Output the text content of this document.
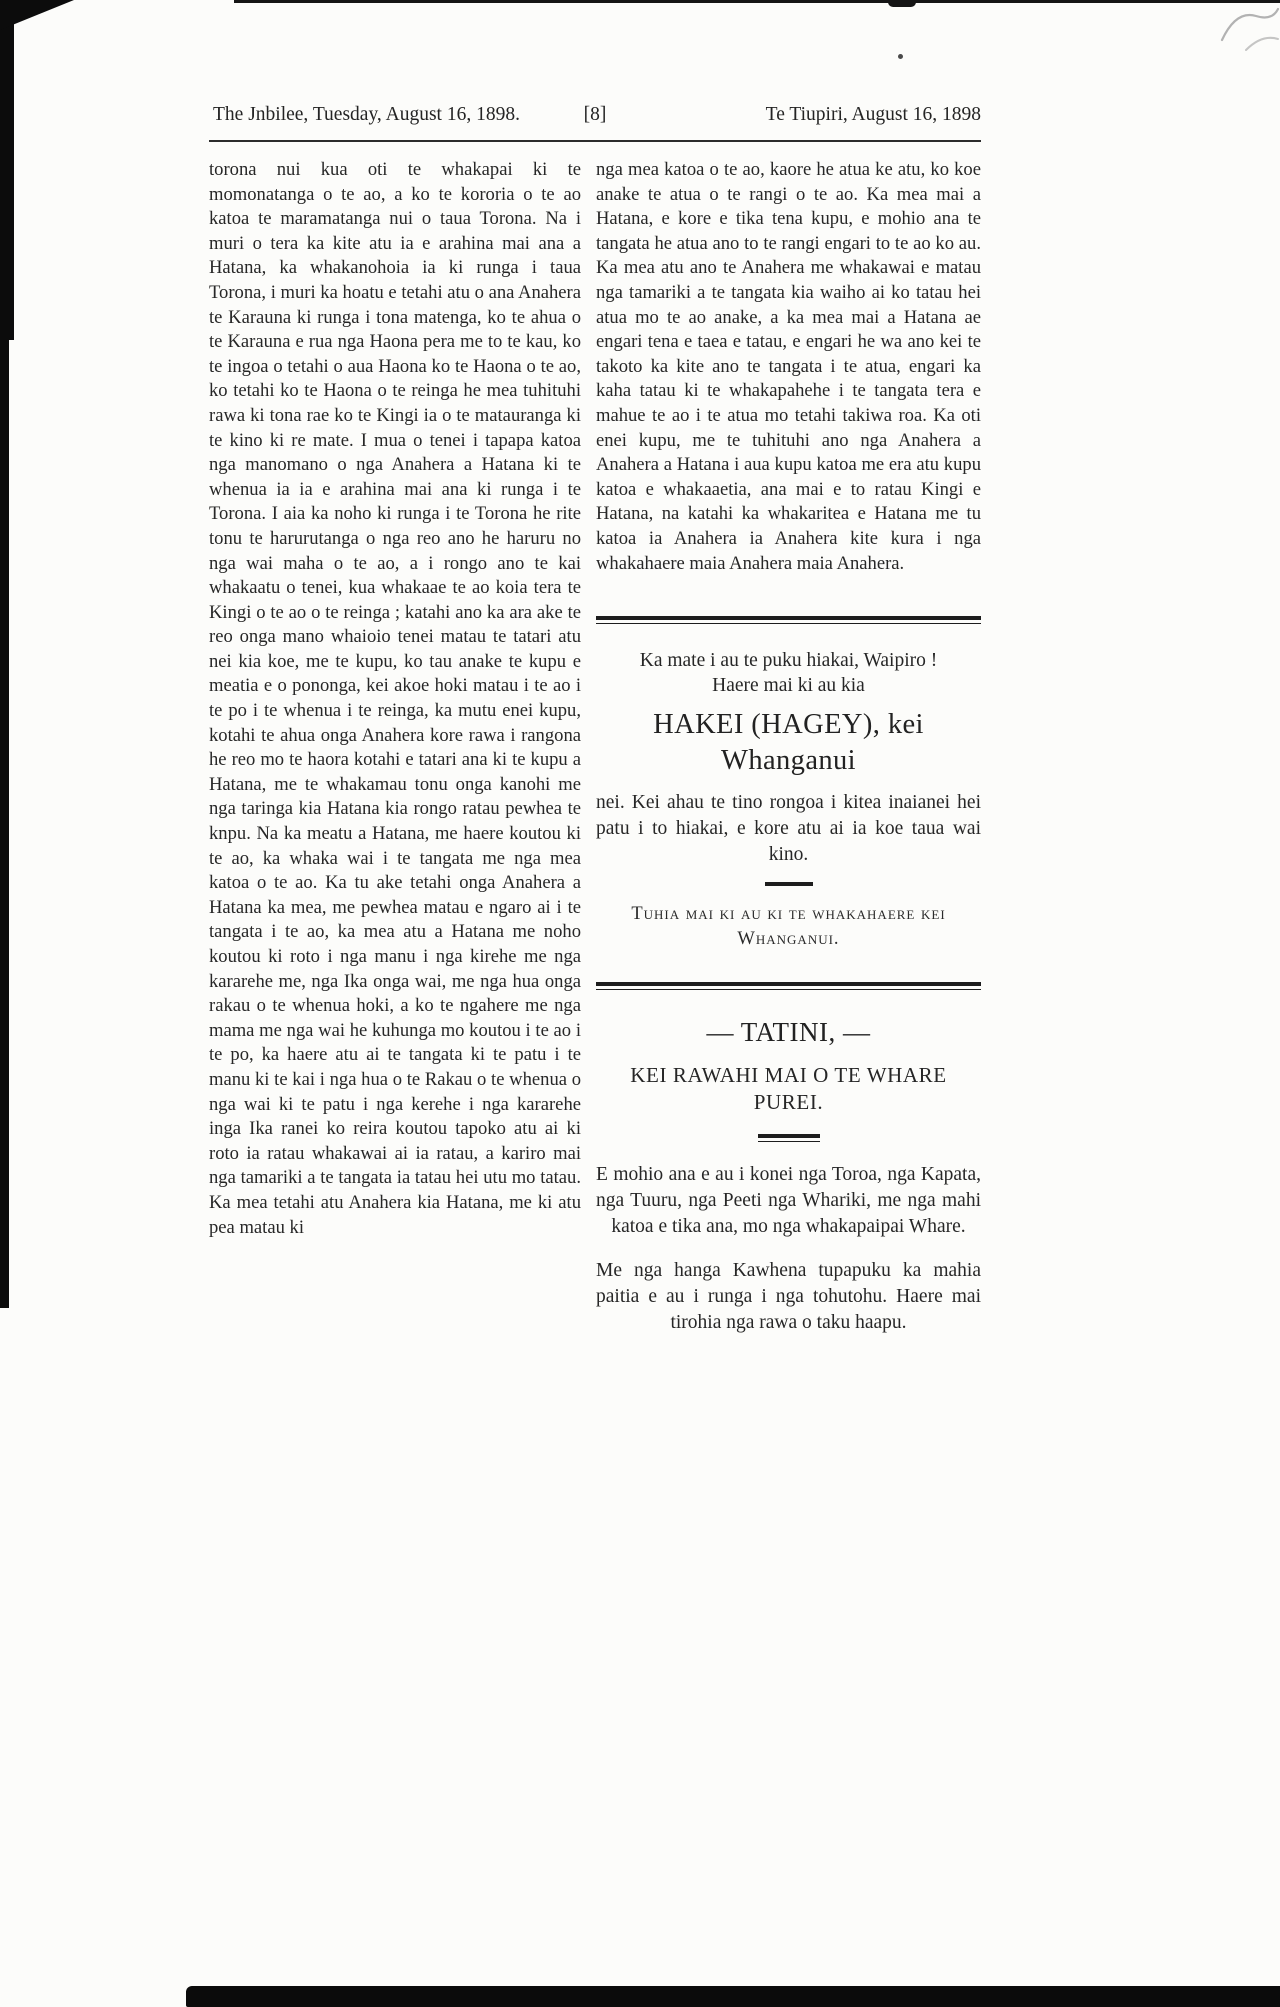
The Jnbilee, Tuesday, August 16, 1898.	[8]	Te Tiupiri, August 16, 1898

torona nui kua oti te whakapai ki te momonatanga o te ao, a ko te kororia o te ao katoa te maramatanga nui o taua Torona. Na i muri o tera ka kite atu ia e arahina mai ana a Hatana, ka whakanohoia ia ki runga i taua Torona, i muri ka hoatu e tetahi atu o ana Anahera te Karauna ki runga i tona matenga, ko te ahua o te Karauna e rua nga Haona pera me to te kau, ko te ingoa o tetahi o aua Haona ko te Haona o te ao, ko tetahi ko te Haona o te reinga he mea tuhituhi rawa ki tona rae ko te Kingi ia o te matauranga ki te kino ki re mate. I mua o tenei i tapapa katoa nga manomano o nga Anahera a Hatana ki te whenua ia ia e arahina mai ana ki runga i te Torona. I aia ka noho ki runga i te Torona he rite tonu te harurutanga o nga reo ano he haruru no nga wai maha o te ao, a i rongo ano te kai whakaatu o tenei, kua whakaae te ao koia tera te Kingi o te ao o te reinga ; katahi ano ka ara ake te reo onga mano whaioio tenei matau te tatari atu nei kia koe, me te kupu, ko tau anake te kupu e meatia e o pononga, kei akoe hoki matau i te ao i te po i te whenua i te reinga, ka mutu enei kupu, kotahi te ahua onga Anahera kore rawa i rangona he reo mo te haora kotahi e tatari ana ki te kupu a Hatana, me te whakamau tonu onga kanohi me nga taringa kia Hatana kia rongo ratau pewhea te knpu. Na ka meatu a Hatana, me haere koutou ki te ao, ka whaka wai i te tangata me nga mea katoa o te ao. Ka tu ake tetahi onga Anahera a Hatana ka mea, me pewhea matau e ngaro ai i te tangata i te ao, ka mea atu a Hatana me noho koutou ki roto i nga manu i nga kirehe me nga kararehe me, nga Ika onga wai, me nga hua onga rakau o te whenua hoki, a ko te ngahere me nga mama me nga wai he kuhunga mo koutou i te ao i te po, ka haere atu ai te tangata ki te patu i te manu ki te kai i nga hua o te Rakau o te whenua o nga wai ki te patu i nga kerehe i nga kararehe inga Ika ranei ko reira koutou tapoko atu ai ki roto ia ratau whakawai ai ia ratau, a kariro mai nga tamariki a te tangata ia tatau hei utu mo tatau. Ka mea tetahi atu Anahera kia Hatana, me ki atu pea matau ki

nga mea katoa o te ao, kaore he atua ke atu, ko koe anake te atua o te rangi o te ao. Ka mea mai a Hatana, e kore e tika tena kupu, e mohio ana te tangata he atua ano to te rangi engari to te ao ko au. Ka mea atu ano te Anahera me whakawai e matau nga tamariki a te tangata kia waiho ai ko tatau hei atua mo te ao anake, a ka mea mai a Hatana ae engari tena e taea e tatau, e engari he wa ano kei te takoto ka kite ano te tangata i te atua, engari ka kaha tatau ki te whakapahehe i te tangata tera e mahue te ao i te atua mo tetahi takiwa roa. Ka oti enei kupu, me te tuhituhi ano nga Anahera a Anahera a Hatana i aua kupu katoa me era atu kupu katoa e whakaaetia, ana mai e to ratau Kingi e Hatana, na katahi ka whakaritea e Hatana me tu katoa ia Anahera ia Anahera kite kura i nga whakahaere maia Anahera maia Anahera.

Ka mate i au te puku hiakai, Waipiro !

Haere mai ki au kia

HAKEI (HAGEY), kei Whanganui

nei. Kei ahau te tino rongoa i kitea inaianei hei patu i to hiakai, e kore atu ai ia koe taua wai kino.

Tuhia mai ki au ki te whakahaere kei Whanganui.

— TATINI, —

KEI RAWAHI MAI O TE WHARE PUREI.

E mohio ana e au i konei nga Toroa, nga Kapata, nga Tuuru, nga Peeti nga Whariki, me nga mahi katoa e tika ana, mo nga whakapaipai Whare.

Me nga hanga Kawhena tupapuku ka mahia paitia e au i runga i nga tohutohu. Haere mai tirohia nga rawa o taku haapu.
